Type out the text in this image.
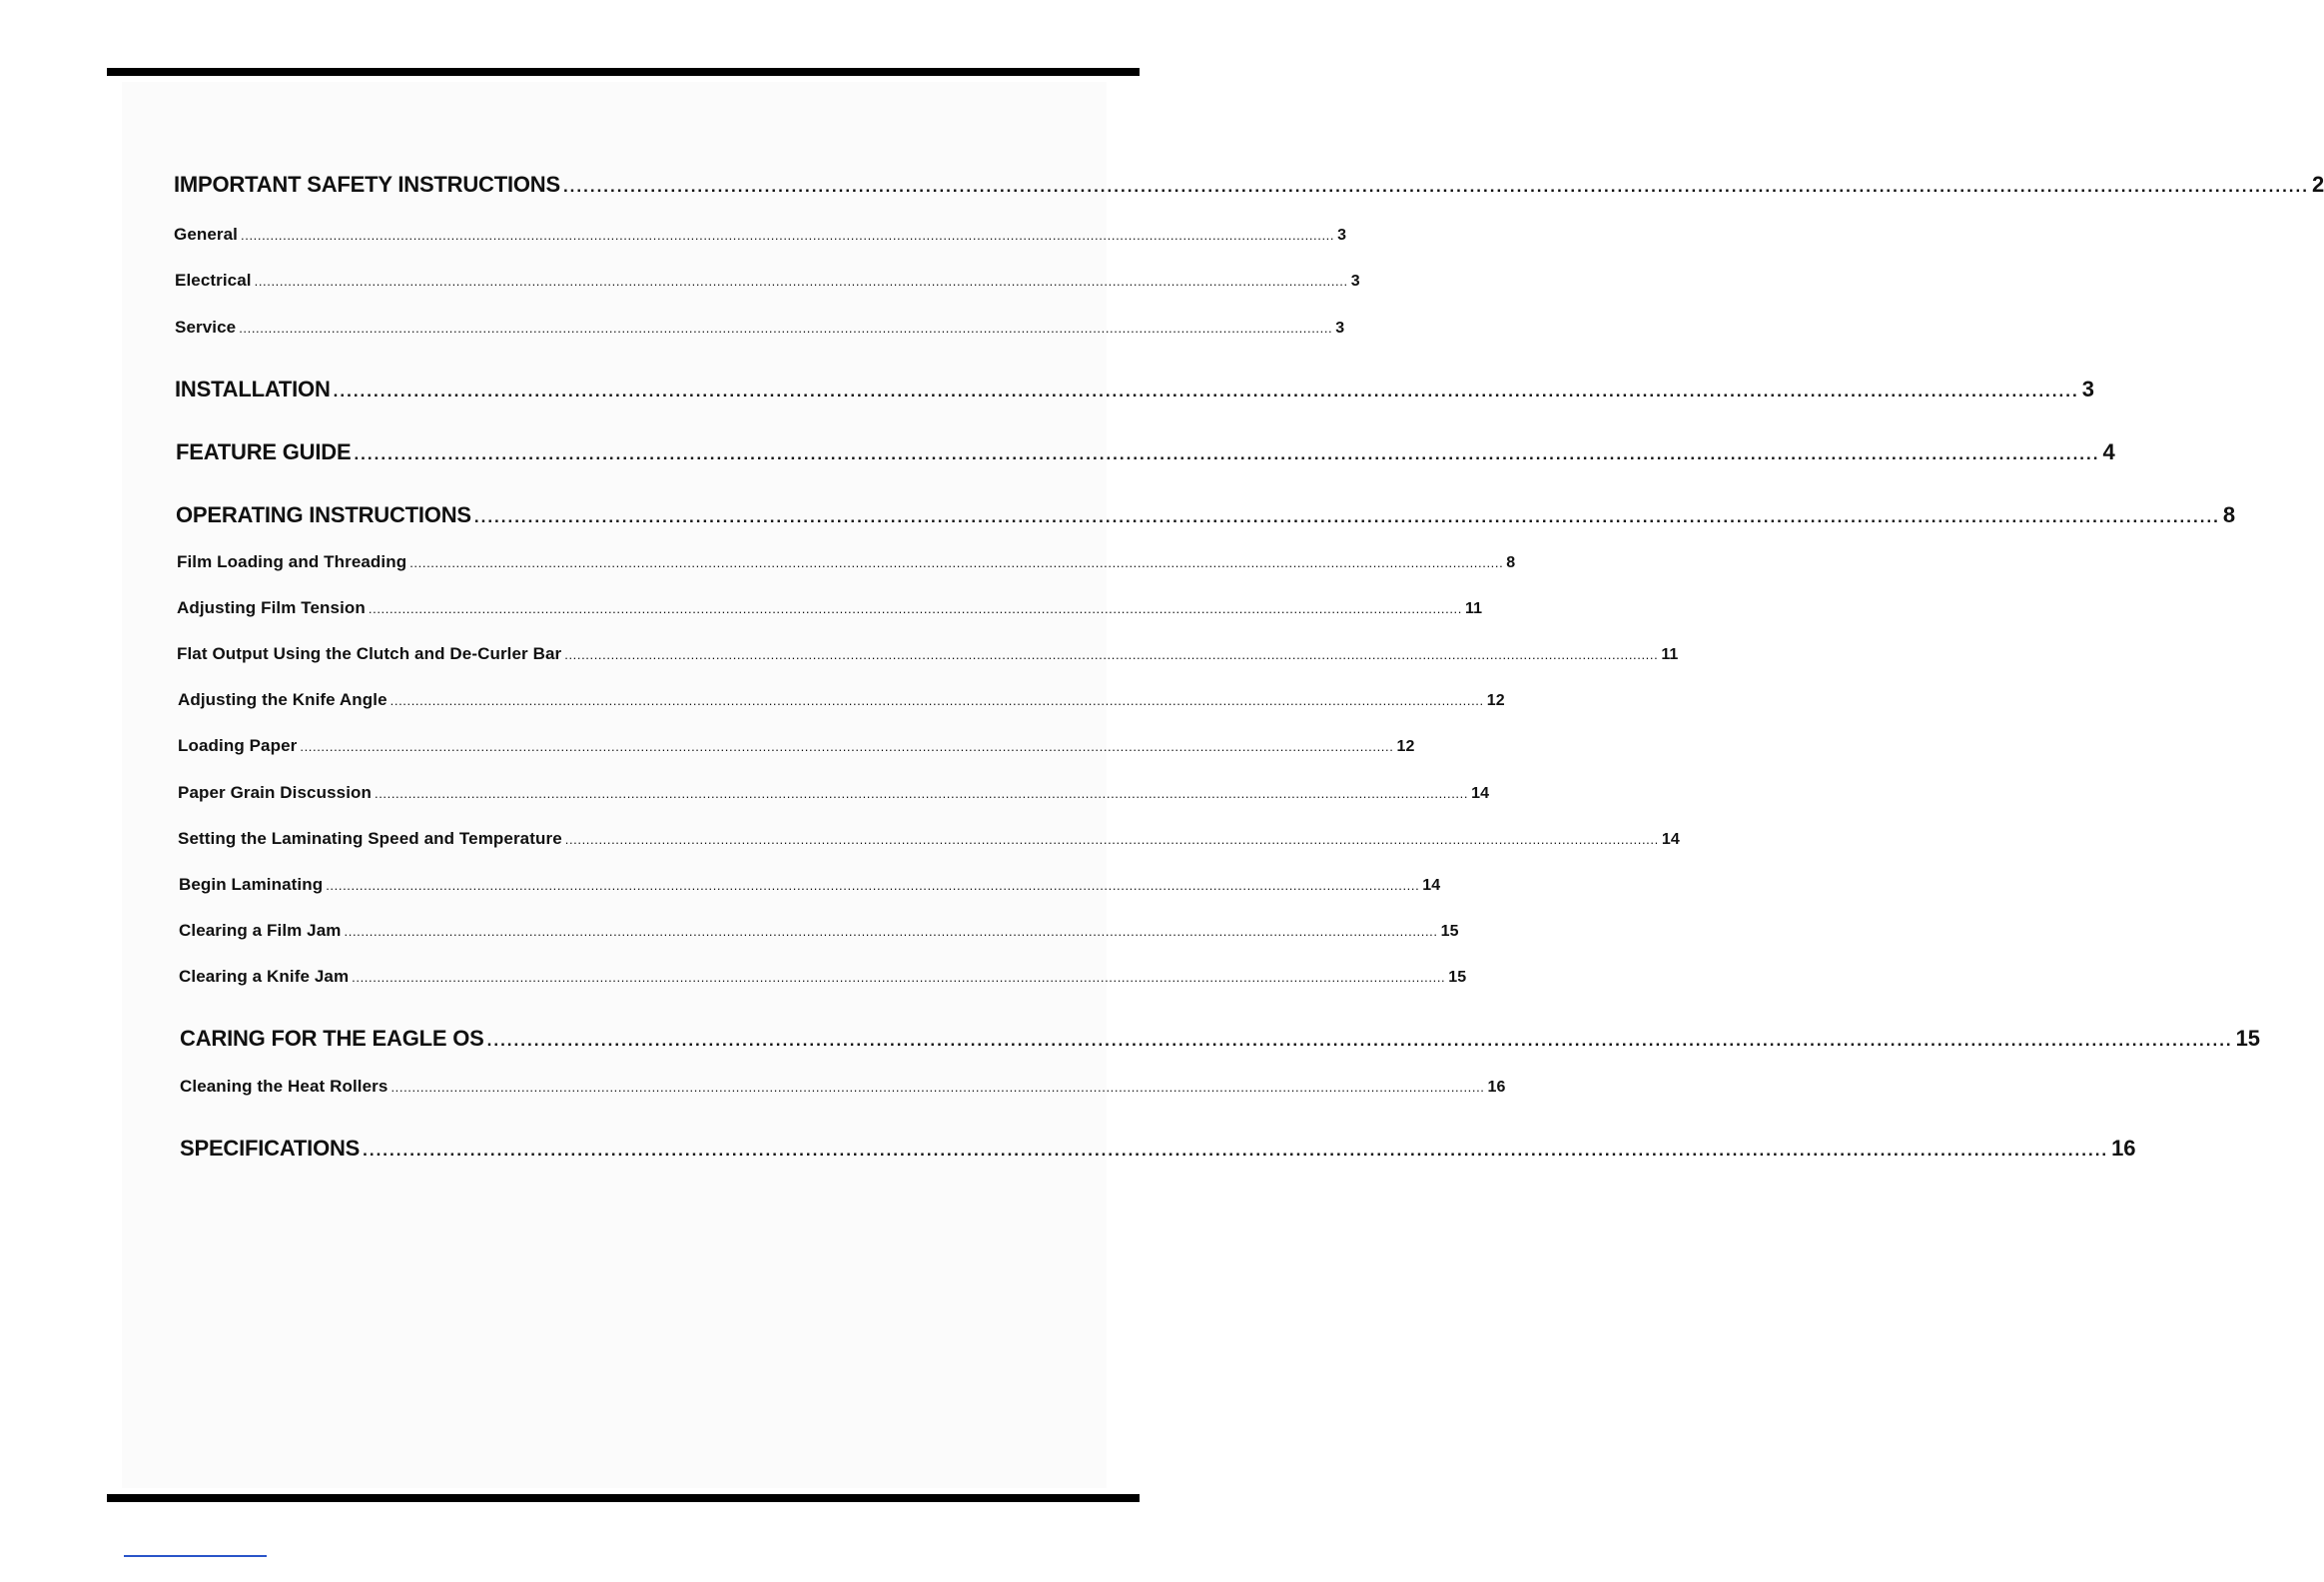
IMPORTANT SAFETY INSTRUCTIONS .................................................................................................................................................................................................................................................................... 2
General .................................................................................................................................................................................................................................................................... 3
Electrical .................................................................................................................................................................................................................................................................... 3
Service .................................................................................................................................................................................................................................................................... 3
INSTALLATION .................................................................................................................................................................................................................................................................... 3
FEATURE GUIDE .................................................................................................................................................................................................................................................................... 4
OPERATING INSTRUCTIONS .................................................................................................................................................................................................................................................................... 8
Film Loading and Threading .................................................................................................................................................................................................................................................................... 8
Adjusting Film Tension .................................................................................................................................................................................................................................................................... 11
Flat Output Using the Clutch and De-Curler Bar .................................................................................................................................................................................................................................................................... 11
Adjusting the Knife Angle .................................................................................................................................................................................................................................................................... 12
Loading Paper .................................................................................................................................................................................................................................................................... 12
Paper Grain Discussion .................................................................................................................................................................................................................................................................... 14
Setting the Laminating Speed and Temperature .................................................................................................................................................................................................................................................................... 14
Begin Laminating .................................................................................................................................................................................................................................................................... 14
Clearing a Film Jam .................................................................................................................................................................................................................................................................... 15
Clearing a Knife Jam .................................................................................................................................................................................................................................................................... 15
CARING FOR THE EAGLE OS .................................................................................................................................................................................................................................................................... 15
Cleaning the Heat Rollers .................................................................................................................................................................................................................................................................... 16
SPECIFICATIONS .................................................................................................................................................................................................................................................................... 16
